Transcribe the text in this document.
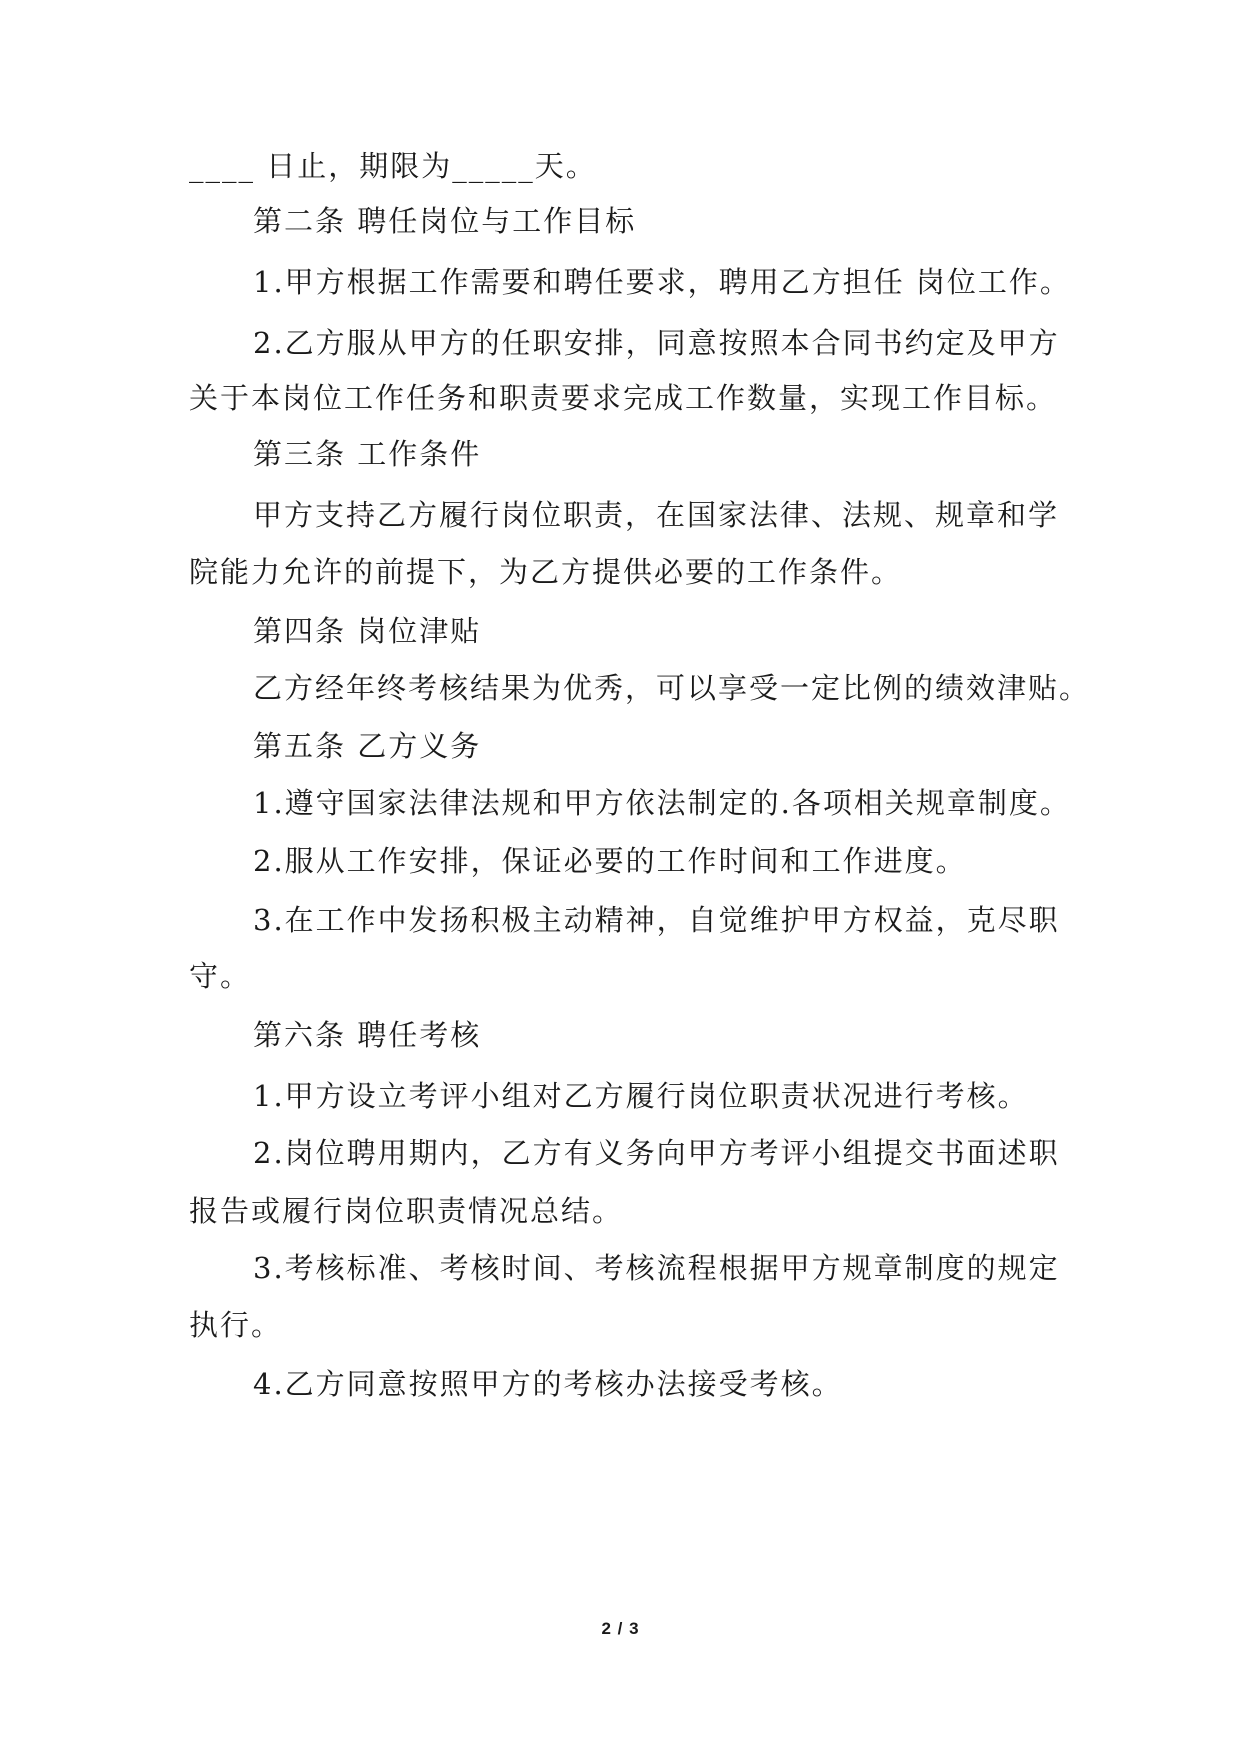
____ 日止，期限为_____天。
第二条 聘任岗位与工作目标
1.甲方根据工作需要和聘任要求，聘用乙方担任 岗位工作。
2.乙方服从甲方的任职安排，同意按照本合同书约定及甲方
关于本岗位工作任务和职责要求完成工作数量，实现工作目标。
第三条 工作条件
甲方支持乙方履行岗位职责，在国家法律、法规、规章和学
院能力允许的前提下，为乙方提供必要的工作条件。
第四条 岗位津贴
乙方经年终考核结果为优秀，可以享受一定比例的绩效津贴。
第五条 乙方义务
1.遵守国家法律法规和甲方依法制定的.各项相关规章制度。
2.服从工作安排，保证必要的工作时间和工作进度。
3.在工作中发扬积极主动精神，自觉维护甲方权益，克尽职
守。
第六条 聘任考核
1.甲方设立考评小组对乙方履行岗位职责状况进行考核。
2.岗位聘用期内，乙方有义务向甲方考评小组提交书面述职
报告或履行岗位职责情况总结。
3.考核标准、考核时间、考核流程根据甲方规章制度的规定
执行。
4.乙方同意按照甲方的考核办法接受考核。
2 / 3
